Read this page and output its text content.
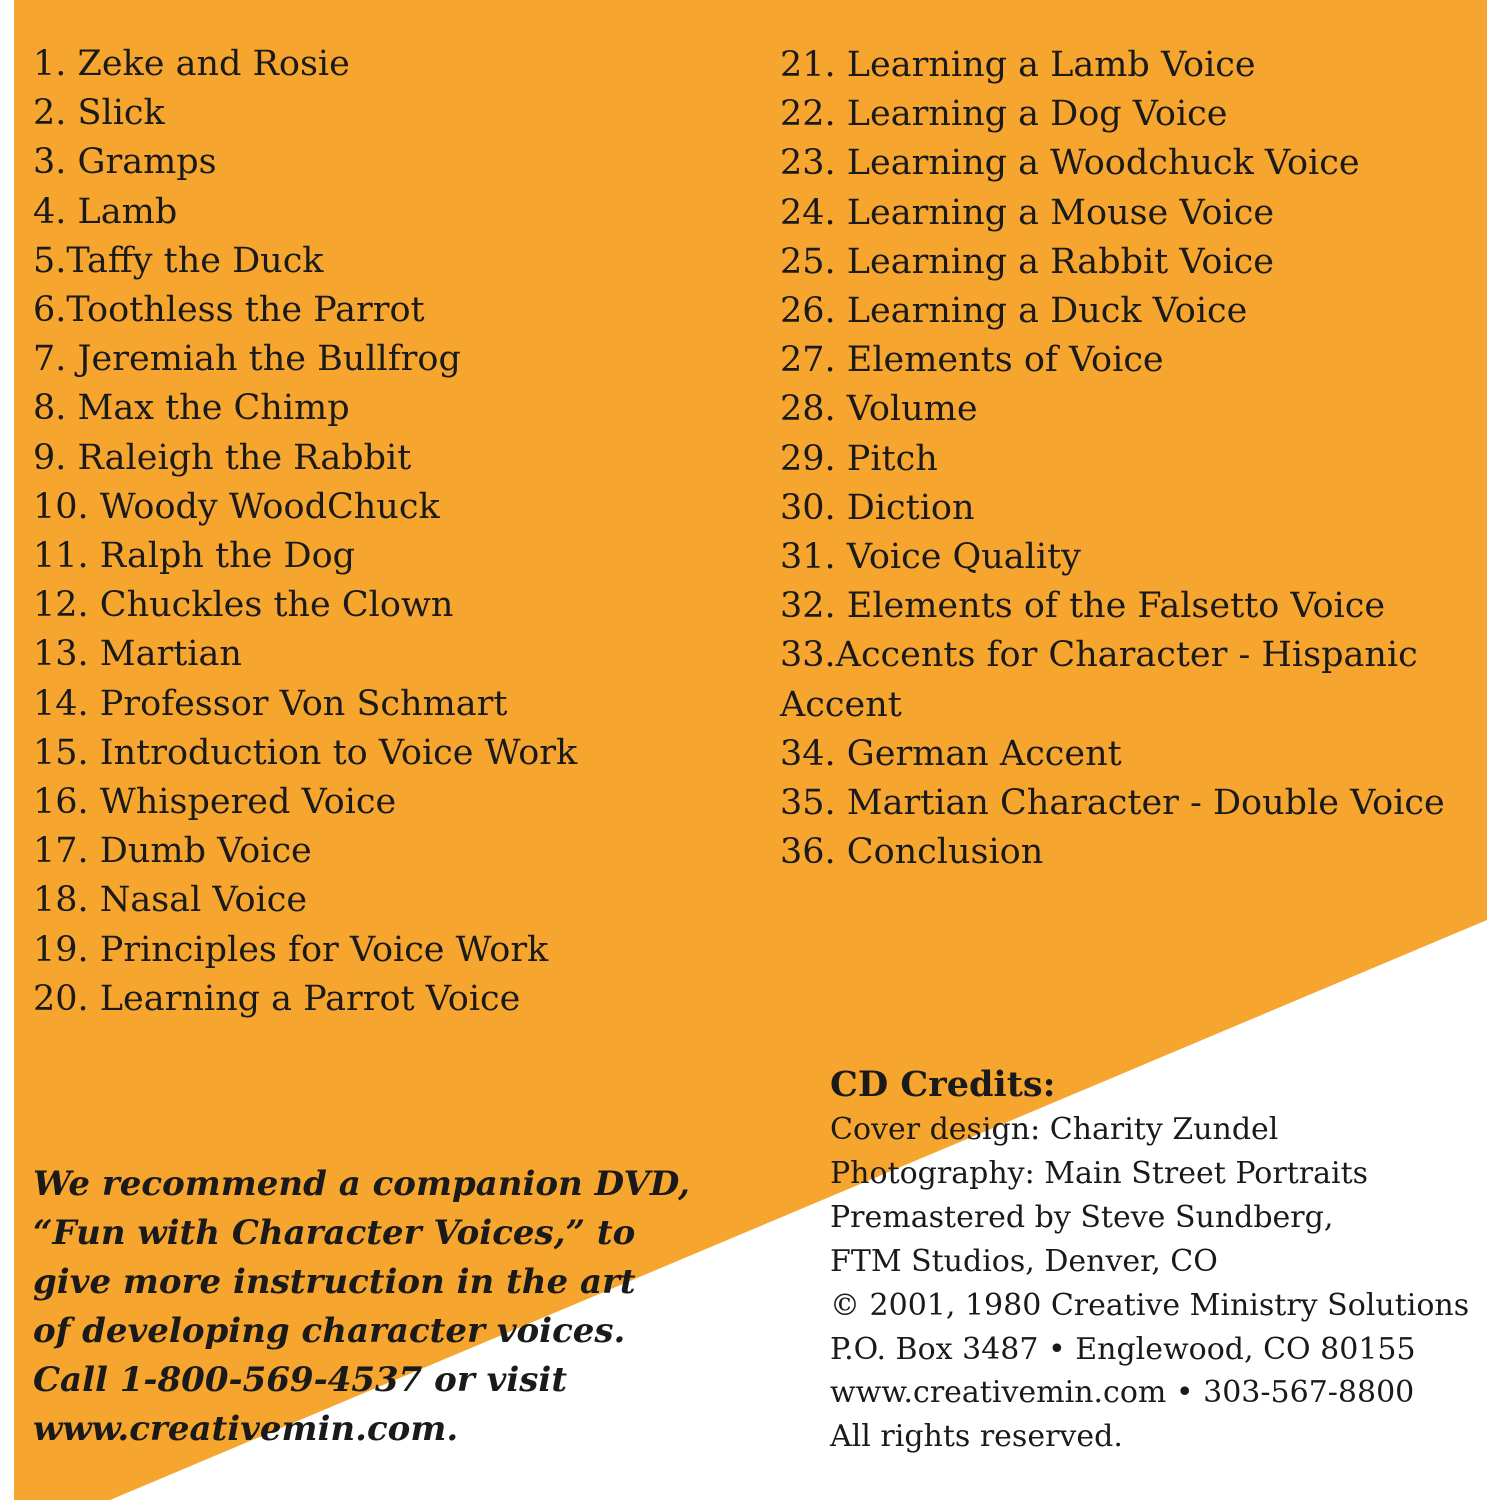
1. Zeke and Rosie
2. Slick
3. Gramps
4. Lamb
5.Taffy the Duck
6.Toothless the Parrot
7. Jeremiah the Bullfrog
8. Max the Chimp
9. Raleigh the Rabbit
10. Woody WoodChuck
11. Ralph the Dog
12. Chuckles the Clown
13. Martian
14. Professor Von Schmart
15. Introduction to Voice Work
16. Whispered Voice
17. Dumb Voice
18. Nasal Voice
19. Principles for Voice Work
20. Learning a Parrot Voice
21. Learning a Lamb Voice
22. Learning a Dog Voice
23. Learning a Woodchuck Voice
24. Learning a Mouse Voice
25. Learning a Rabbit Voice
26. Learning a Duck Voice
27. Elements of Voice
28. Volume
29. Pitch
30. Diction
31. Voice Quality
32. Elements of the Falsetto Voice
33.Accents for Character - Hispanic Accent
34. German Accent
35. Martian Character - Double Voice
36. Conclusion
We recommend a companion DVD,
“Fun with Character Voices,” to
give more instruction in the art
of developing character voices.
Call 1-800-569-4537 or visit
www.creativemin.com.
CD Credits:
Cover design: Charity Zundel
Photography: Main Street Portraits
Premastered by Steve Sundberg,
FTM Studios, Denver, CO
© 2001, 1980 Creative Ministry Solutions
P.O. Box 3487 • Englewood, CO 80155
www.creativemin.com • 303-567-8800
All rights reserved.
